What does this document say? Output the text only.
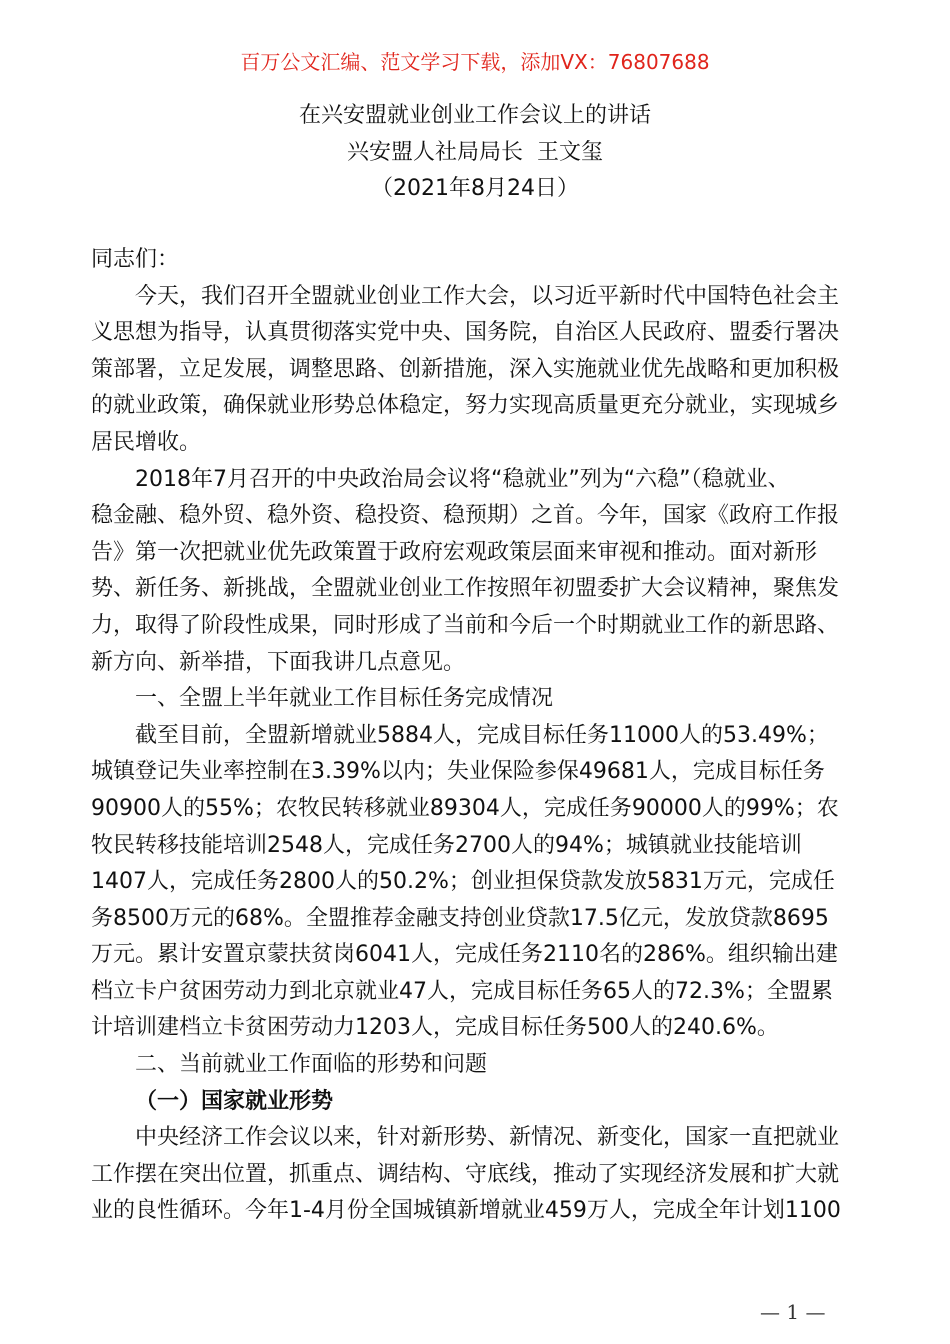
百万公文汇编、范文学习下载，添加VX：76807688
在兴安盟就业创业工作会议上的讲话
兴安盟人社局局长  王文玺
（2021年8月24日）
同志们：
今天，我们召开全盟就业创业工作大会，以习近平新时代中国特色社会主
义思想为指导，认真贯彻落实党中央、国务院，自治区人民政府、盟委行署决
策部署，立足发展，调整思路、创新措施，深入实施就业优先战略和更加积极
的就业政策，确保就业形势总体稳定，努力实现高质量更充分就业，实现城乡
居民增收。
2018年7月召开的中央政治局会议将“稳就业”列为“六稳”（稳就业、
稳金融、稳外贸、稳外资、稳投资、稳预期）之首。今年，国家《政府工作报
告》第一次把就业优先政策置于政府宏观政策层面来审视和推动。面对新形
势、新任务、新挑战，全盟就业创业工作按照年初盟委扩大会议精神，聚焦发
力，取得了阶段性成果，同时形成了当前和今后一个时期就业工作的新思路、
新方向、新举措，下面我讲几点意见。
一、全盟上半年就业工作目标任务完成情况
截至目前，全盟新增就业5884人，完成目标任务11000人的53.49%；
城镇登记失业率控制在3.39%以内；失业保险参保49681人，完成目标任务
90900人的55%；农牧民转移就业89304人，完成任务90000人的99%；农
牧民转移技能培训2548人，完成任务2700人的94%；城镇就业技能培训
1407人，完成任务2800人的50.2%；创业担保贷款发放5831万元，完成任
务8500万元的68%。全盟推荐金融支持创业贷款17.5亿元，发放贷款8695
万元。累计安置京蒙扶贫岗6041人，完成任务2110名的286%。组织输出建
档立卡户贫困劳动力到北京就业47人，完成目标任务65人的72.3%；全盟累
计培训建档立卡贫困劳动力1203人，完成目标任务500人的240.6%。
二、当前就业工作面临的形势和问题
（一）国家就业形势
中央经济工作会议以来，针对新形势、新情况、新变化，国家一直把就业
工作摆在突出位置，抓重点、调结构、守底线，推动了实现经济发展和扩大就
业的良性循环。今年1-4月份全国城镇新增就业459万人，完成全年计划1100
— 1 —
